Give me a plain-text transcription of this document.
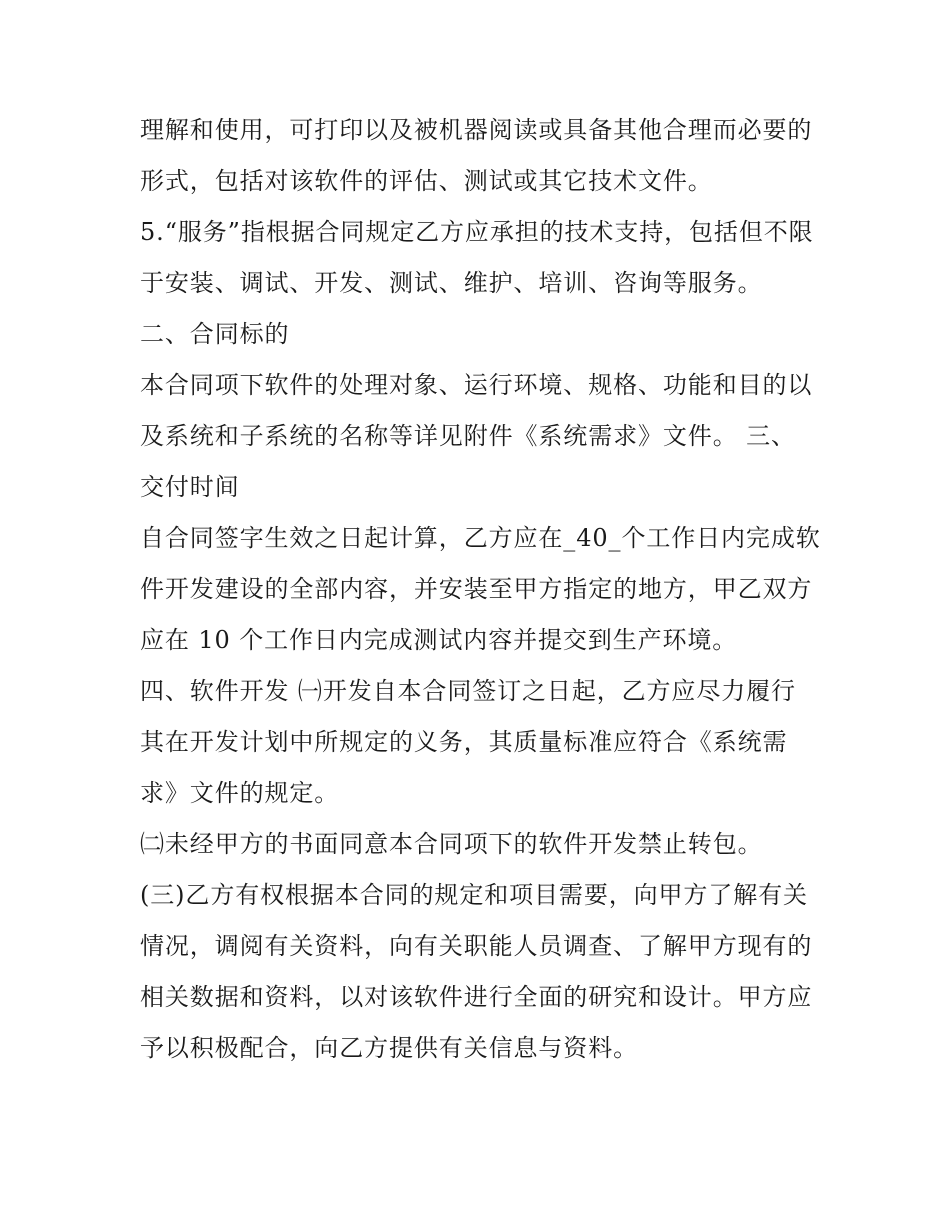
理解和使用，可打印以及被机器阅读或具备其他合理而必要的
形式，包括对该软件的评估、测试或其它技术文件。
5.“服务”指根据合同规定乙方应承担的技术支持，包括但不限
于安装、调试、开发、测试、维护、培训、咨询等服务。
二、合同标的
本合同项下软件的处理对象、运行环境、规格、功能和目的以
及系统和子系统的名称等详见附件《系统需求》文件。 三、
交付时间
自合同签字生效之日起计算，乙方应在_40_个工作日内完成软
件开发建设的全部内容，并安装至甲方指定的地方，甲乙双方
应在 10 个工作日内完成测试内容并提交到生产环境。
四、软件开发 ㈠开发自本合同签订之日起，乙方应尽力履行
其在开发计划中所规定的义务，其质量标准应符合《系统需
求》文件的规定。
㈡未经甲方的书面同意本合同项下的软件开发禁止转包。
(三)乙方有权根据本合同的规定和项目需要，向甲方了解有关
情况，调阅有关资料，向有关职能人员调查、了解甲方现有的
相关数据和资料，以对该软件进行全面的研究和设计。甲方应
予以积极配合，向乙方提供有关信息与资料。
